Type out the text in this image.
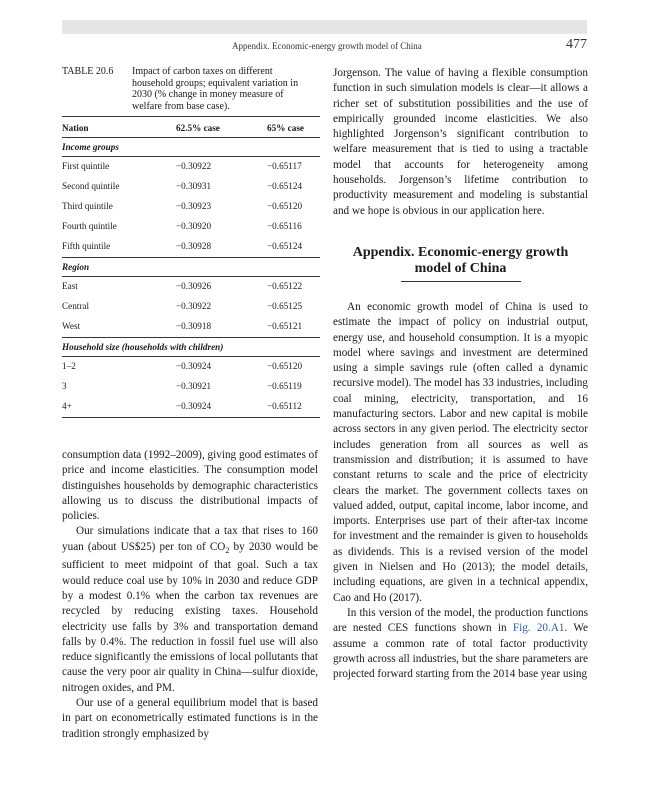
Appendix. Economic-energy growth model of China	477
TABLE 20.6 Impact of carbon taxes on different household groups; equivalent variation in 2030 (% change in money measure of welfare from base case).
Nation	62.5% case	65% case
Income groups
First quintile	−0.30922	−0.65117
Second quintile	−0.30931	−0.65124
Third quintile	−0.30923	−0.65120
Fourth quintile	−0.30920	−0.65116
Fifth quintile	−0.30928	−0.65124
Region
East	−0.30926	−0.65122
Central	−0.30922	−0.65125
West	−0.30918	−0.65121
Household size (households with children)
1–2	−0.30924	−0.65120
3	−0.30921	−0.65119
4+	−0.30924	−0.65112

consumption data (1992–2009), giving good estimates of price and income elasticities. The consumption model distinguishes households by demographic characteristics allowing us to discuss the distributional impacts of policies.

Our simulations indicate that a tax that rises to 160 yuan (about US$25) per ton of $CO_2$ by 2030 would be sufficient to meet midpoint of that goal. Such a tax would reduce coal use by 10% in 2030 and reduce GDP by a modest 0.1% when the carbon tax revenues are recycled by reducing existing taxes. Household electricity use falls by 3% and transportation demand falls by 0.4%. The reduction in fossil fuel use will also reduce significantly the emissions of local pollutants that cause the very poor air quality in China—sulfur dioxide, nitrogen oxides, and PM.

Our use of a general equilibrium model that is based in part on econometrically estimated functions is in the tradition strongly emphasized by

Jorgenson. The value of having a flexible consumption function in such simulation models is clear—it allows a richer set of substitution possibilities and the use of empirically grounded income elasticities. We also highlighted Jorgenson’s significant contribution to welfare measurement that is tied to using a tractable model that accounts for heterogeneity among households. Jorgenson’s lifetime contribution to productivity measurement and modeling is substantial and we hope is obvious in our application here.

Appendix. Economic-energy growth model of China

An economic growth model of China is used to estimate the impact of policy on industrial output, energy use, and household consumption. It is a myopic model where savings and investment are determined using a simple savings rule (often called a dynamic recursive model). The model has 33 industries, including coal mining, electricity, transportation, and 16 manufacturing sectors. Labor and new capital is mobile across sectors in any given period. The electricity sector includes generation from all sources as well as transmission and distribution; it is assumed to have constant returns to scale and the price of electricity clears the market. The government collects taxes on valued added, output, capital income, labor income, and imports. Enterprises use part of their after-tax income for investment and the remainder is given to households as dividends. This is a revised version of the model given in Nielsen and Ho (2013); the model details, including equations, are given in a technical appendix, Cao and Ho (2017).

In this version of the model, the production functions are nested CES functions shown in Fig. 20.A1. We assume a common rate of total factor productivity growth across all industries, but the share parameters are projected forward starting from the 2014 base year using
